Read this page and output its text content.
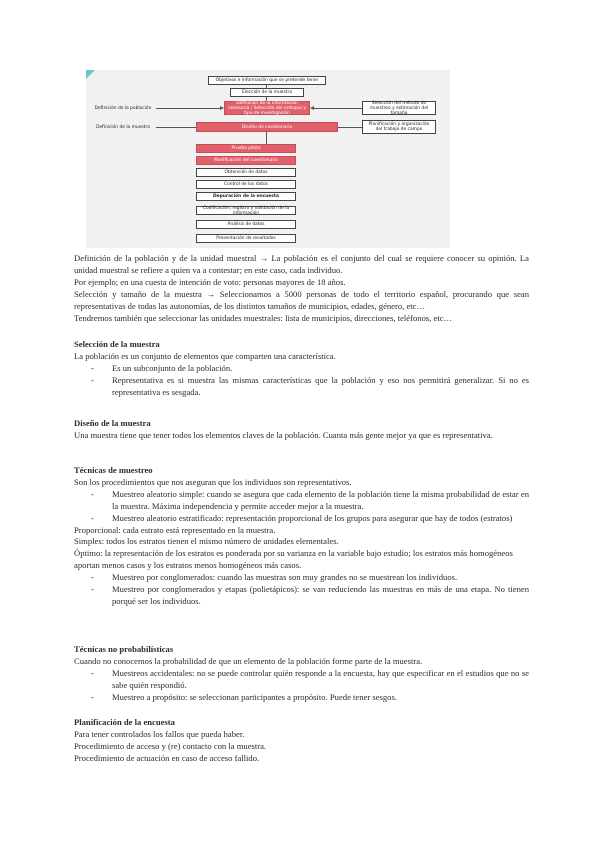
Objetivos e información que se pretende tener
Elección de la muestra
Definición de la información necesaria / Selección del enfoque y tipo de investigación
Definición de la población
Selección del método de muestreo y estimación del tamaño
Definición de la muestra	Diseño de cuestionario	Planificación y organización del trabajo de campo
Prueba piloto
Modificación del cuestionario
Obtención de datos
Control de los datos
Depuración de la encuesta
Codificación, registro y validación de la información
Análisis de datos
Presentación de resultados

Definición de la población y de la unidad muestral → La población es el conjunto del cual se requiere conocer su opinión. La unidad muestral se refiere a quien va a contestar; en este caso, cada individuo.

Por ejemplo; en una cuesta de intención de voto: personas mayores de 18 años.

Selección y tamaño de la muestra → Seleccionamos a 5000 personas de todo el territorio español, procurando que sean representativas de todas las autonomías, de los distintos tamaños de municipios, edades, género, etc…

Tendremos también que seleccionar las unidades muestrales: lista de municipios, direcciones, teléfonos, etc…

Selección de la muestra

La población es un conjunto de elementos que comparten una característica.

- Es un subconjunto de la población.
- Representativa es si muestra las mismas características que la población y eso nos permitirá generalizar. Si no es representativa es sesgada.
Diseño de la muestra

Una muestra tiene que tener todos los elementos claves de la población. Cuanta más gente mejor ya que es representativa.

Técnicas de muestreo

Son los procedimientos que nos aseguran que los individuos son representativos.

- Muestreo aleatorio simple: cuando se asegura que cada elemento de la población tiene la misma probabilidad de estar en la muestra. Máxima independencia y permite acceder mejor a la muestra.
- Muestreo aleatorio estratificado: representación proporcional de los grupos para asegurar que hay de todos (estratos)

Proporcional: cada estrato está representado en la muestra.

Simples: todos los estratos tienen el mismo número de unidades elementales.

Óptimo: la representación de los estratos es ponderada por su varianza en la variable bajo estudio; los estratos más homogéneos aportan menos casos y los estratos menos homogéneos más casos.

- Muestreo por conglomerados: cuando las muestras son muy grandes no se muestrean los individuos.
- Muestreo por conglomerados y etapas (polietápicos): se van reduciendo las muestras en más de una etapa. No tienen porqué ser los individuos.
Técnicas no probabilísticas

Cuando no conocemos la probabilidad de que un elemento de la población forme parte de la muestra.

- Muestreos accidentales: no se puede controlar quién responde a la encuesta, hay que especificar en el estudios que no se sabe quién respondió.
- Muestreo a propósito: se seleccionan participantes a propósito. Puede tener sesgos.
Planificación de la encuesta

Para tener controlados los fallos que pueda haber.

Procedimiento de acceso y (re) contacto con la muestra.

Procedimiento de actuación en caso de acceso fallido.
